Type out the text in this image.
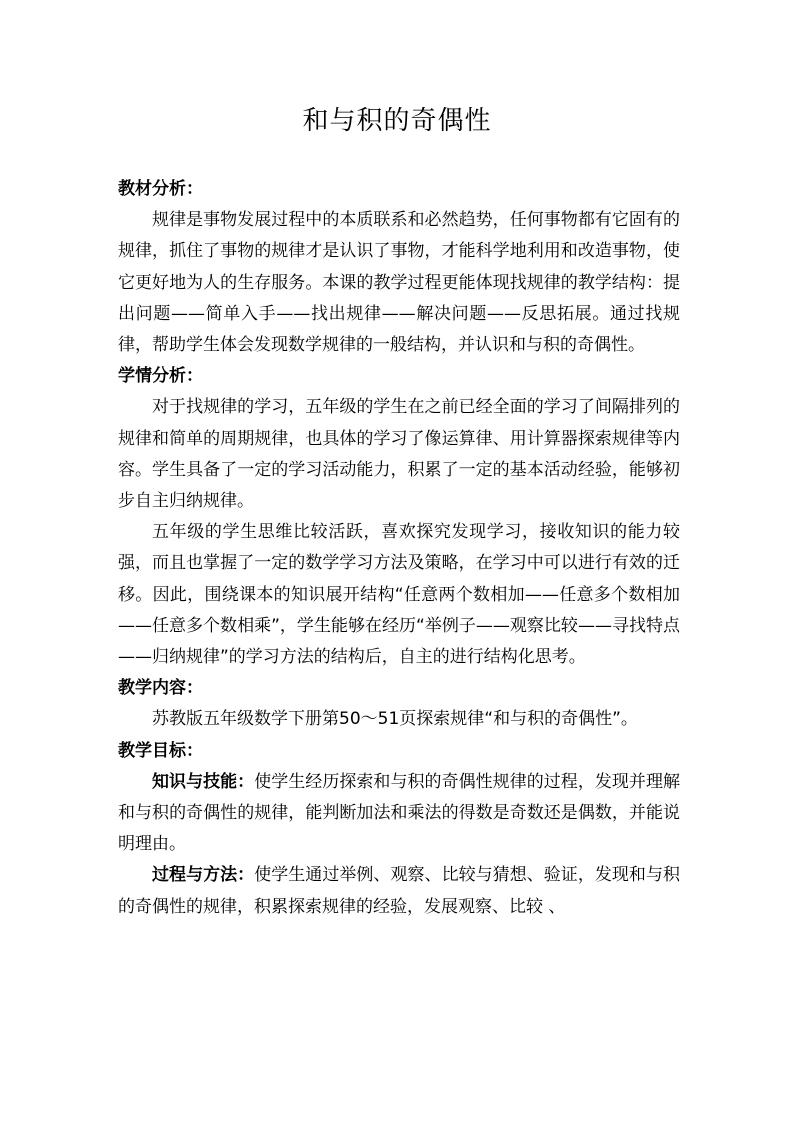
和与积的奇偶性

教材分析：

规律是事物发展过程中的本质联系和必然趋势，任何事物都有它固有的规律，抓住了事物的规律才是认识了事物，才能科学地利用和改造事物，使它更好地为人的生存服务。本课的教学过程更能体现找规律的教学结构：提出问题——简单入手——找出规律——解决问题——反思拓展。通过找规律，帮助学生体会发现数学规律的一般结构，并认识和与积的奇偶性。

学情分析：

对于找规律的学习，五年级的学生在之前已经全面的学习了间隔排列的规律和简单的周期规律，也具体的学习了像运算律、用计算器探索规律等内容。学生具备了一定的学习活动能力，积累了一定的基本活动经验，能够初步自主归纳规律。

五年级的学生思维比较活跃，喜欢探究发现学习，接收知识的能力较强，而且也掌握了一定的数学学习方法及策略，在学习中可以进行有效的迁移。因此，围绕课本的知识展开结构“任意两个数相加——任意多个数相加——任意多个数相乘”，学生能够在经历“举例子——观察比较——寻找特点——归纳规律”的学习方法的结构后，自主的进行结构化思考。

教学内容：

苏教版五年级数学下册第50～51页探索规律“和与积的奇偶性”。

教学目标：

知识与技能：使学生经历探索和与积的奇偶性规律的过程，发现并理解和与积的奇偶性的规律，能判断加法和乘法的得数是奇数还是偶数，并能说明理由。

过程与方法：使学生通过举例、观察、比较与猜想、验证，发现和与积的奇偶性的规律，积累探索规律的经验，发展观察、比较 、
